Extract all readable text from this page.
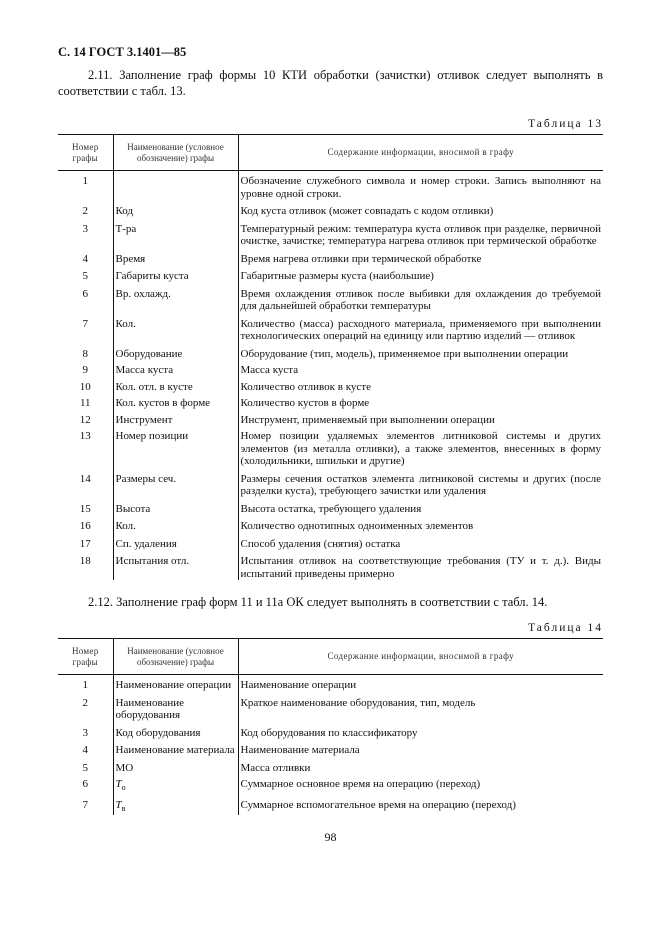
С. 14 ГОСТ 3.1401—85

2.11. Заполнение граф формы 10 КТИ обработки (зачистки) отливок следует выполнять в соответствии с табл. 13.

Таблица 13
Номер графы	Наименование (условное обозначение) графы	Содержание информации, вносимой в графу
1		Обозначение служебного символа и номер строки. Запись выполняют на уровне одной строки.
2	Код	Код куста отливок (может совпадать с кодом отливки)
3	Т-ра	Температурный режим: температура куста отливок при разделке, первичной очистке, зачистке; температура нагрева отливок при термической обработке
4	Время	Время нагрева отливки при термической обработке
5	Габариты куста	Габаритные размеры куста (наибольшие)
6	Вр. охлажд.	Время охлаждения отливок после выбивки для охлаждения до требуемой для дальнейшей обработки температуры
7	Кол.	Количество (масса) расходного материала, применяемого при выполнении технологических операций на единицу или партию изделий — отливок
8	Оборудование	Оборудование (тип, модель), применяемое при выполнении операции
9	Масса куста	Масса куста
10	Кол. отл. в кусте	Количество отливок в кусте
11	Кол. кустов в форме	Количество кустов в форме
12	Инструмент	Инструмент, применяемый при выполнении операции
13	Номер позиции	Номер позиции удаляемых элементов литниковой системы и других элементов (из металла отливки), а также элементов, внесенных в форму (холодильники, шпильки и другие)
14	Размеры сеч.	Размеры сечения остатков элемента литниковой системы и других (после разделки куста), требующего зачистки или удаления
15	Высота	Высота остатка, требующего удаления
16	Кол.	Количество однотипных одноименных элементов
17	Сп. удаления	Способ удаления (снятия) остатка
18	Испытания отл.	Испытания отливок на соответствующие требования (ТУ и т. д.). Виды испытаний приведены примерно

2.12. Заполнение граф форм 11 и 11а ОК следует выполнять в соответствии с табл. 14.

Таблица 14
Номер графы	Наименование (условное обозначение) графы	Содержание информации, вносимой в графу
1	Наименование операции	Наименование операции
2	Наименование оборудования	Краткое наименование оборудования, тип, модель
3	Код оборудования	Код оборудования по классификатору
4	Наименование материала	Наименование материала
5	МО	Масса отливки
6	$T_о$	Суммарное основное время на операцию (переход)
7	$T_в$	Суммарное вспомогательное время на операцию (переход)
98
